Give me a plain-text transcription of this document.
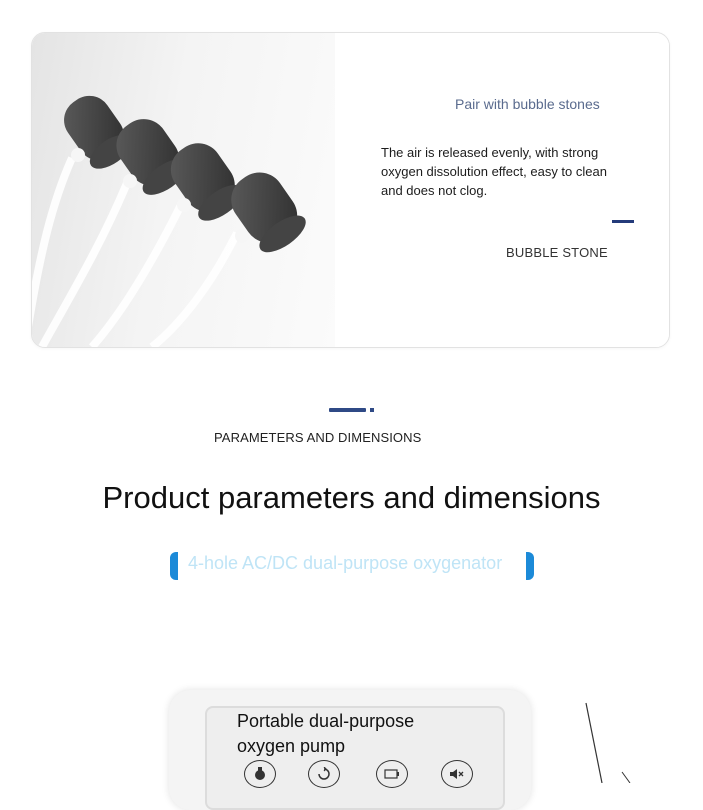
Pair with bubble stones
The air is released evenly, with strong oxygen dissolution effect, easy to clean and does not clog.
BUBBLE STONE
PARAMETERS AND DIMENSIONS
Product parameters and dimensions
4-hole AC/DC dual-purpose oxygenator
Portable dual-purpose oxygen pump
